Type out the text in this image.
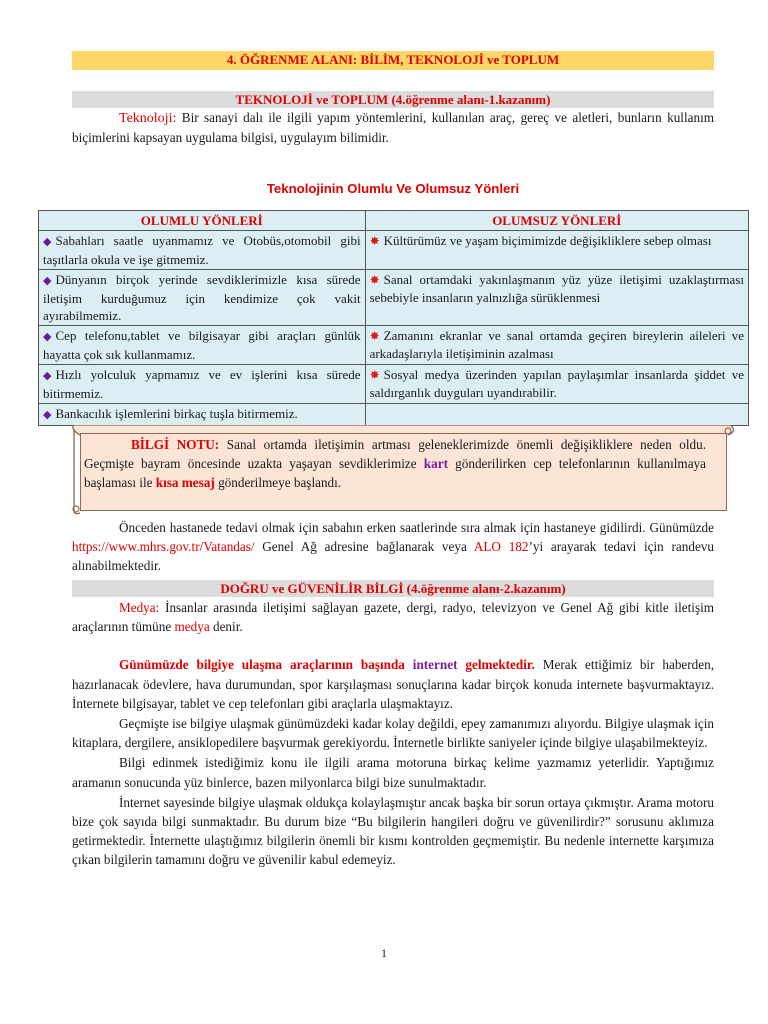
4. ÖĞRENME ALANI: BİLİM, TEKNOLOJİ ve TOPLUM
TEKNOLOJİ ve TOPLUM (4.öğrenme alanı-1.kazanım)

Teknoloji: Bir sanayi dalı ile ilgili yapım yöntemlerini, kullanılan araç, gereç ve aletleri, bunların kullanım biçimlerini kapsayan uygulama bilgisi, uygulayım bilimidir.

Teknolojinin Olumlu Ve Olumsuz Yönleri
OLUMLU YÖNLERİ	OLUMSUZ YÖNLERİ
◆ Sabahları saatle uyanmamız ve Otobüs,otomobil gibi taşıtlarla okula ve işe gitmemiz.	✸ Kültürümüz ve yaşam biçimimizde değişikliklere sebep olması
◆ Dünyanın birçok yerinde sevdiklerimizle kısa sürede iletişim kurduğumuz için kendimize çok vakit ayırabilmemiz.	✸ Sanal ortamdaki yakınlaşmanın yüz yüze iletişimi uzaklaştırması sebebiyle insanların yalnızlığa sürüklenmesi
◆ Cep telefonu,tablet ve bilgisayar gibi araçları günlük hayatta çok sık kullanmamız.	✸ Zamanını ekranlar ve sanal ortamda geçiren bireylerin aileleri ve arkadaşlarıyla iletişiminin azalması
◆ Hızlı yolculuk yapmamız ve ev işlerini kısa sürede bitirmemiz.	✸ Sosyal medya üzerinden yapılan paylaşımlar insanlarda şiddet ve saldırganlık duyguları uyandırabilir.
◆ Bankacılık işlemlerini birkaç tuşla bitirmemiz.	

BİLGİ NOTU: Sanal ortamda iletişimin artması geleneklerimizde önemli değişikliklere neden oldu. Geçmişte bayram öncesinde uzakta yaşayan sevdiklerimize kart gönderilirken cep telefonlarının kullanılmaya başlaması ile kısa mesaj gönderilmeye başlandı.

Önceden hastanede tedavi olmak için sabahın erken saatlerinde sıra almak için hastaneye gidilirdi. Günümüzde https://www.mhrs.gov.tr/Vatandas/ Genel Ağ adresine bağlanarak veya ALO 182’yi arayarak tedavi için randevu alınabilmektedir.

DOĞRU ve GÜVENİLİR BİLGİ (4.öğrenme alanı-2.kazanım)

Medya: İnsanlar arasında iletişimi sağlayan gazete, dergi, radyo, televizyon ve Genel Ağ gibi kitle iletişim araçlarının tümüne medya denir.

Günümüzde bilgiye ulaşma araçlarının başında internet gelmektedir. Merak ettiğimiz bir haberden, hazırlanacak ödevlere, hava durumundan, spor karşılaşması sonuçlarına kadar birçok konuda internete başvurmaktayız. İnternete bilgisayar, tablet ve cep telefonları gibi araçlarla ulaşmaktayız.

Geçmişte ise bilgiye ulaşmak günümüzdeki kadar kolay değildi, epey zamanımızı alıyordu. Bilgiye ulaşmak için kitaplara, dergilere, ansiklopedilere başvurmak gerekiyordu. İnternetle birlikte saniyeler içinde bilgiye ulaşabilmekteyiz.

Bilgi edinmek istediğimiz konu ile ilgili arama motoruna birkaç kelime yazmamız yeterlidir. Yaptığımız aramanın sonucunda yüz binlerce, bazen milyonlarca bilgi bize sunulmaktadır.

İnternet sayesinde bilgiye ulaşmak oldukça kolaylaşmıştır ancak başka bir sorun ortaya çıkmıştır. Arama motoru bize çok sayıda bilgi sunmaktadır. Bu durum bize “Bu bilgilerin hangileri doğru ve güvenilirdir?” sorusunu aklımıza getirmektedir. İnternette ulaştığımız bilgilerin önemli bir kısmı kontrolden geçmemiştir. Bu nedenle internette karşımıza çıkan bilgilerin tamamını doğru ve güvenilir kabul edemeyiz.

1
